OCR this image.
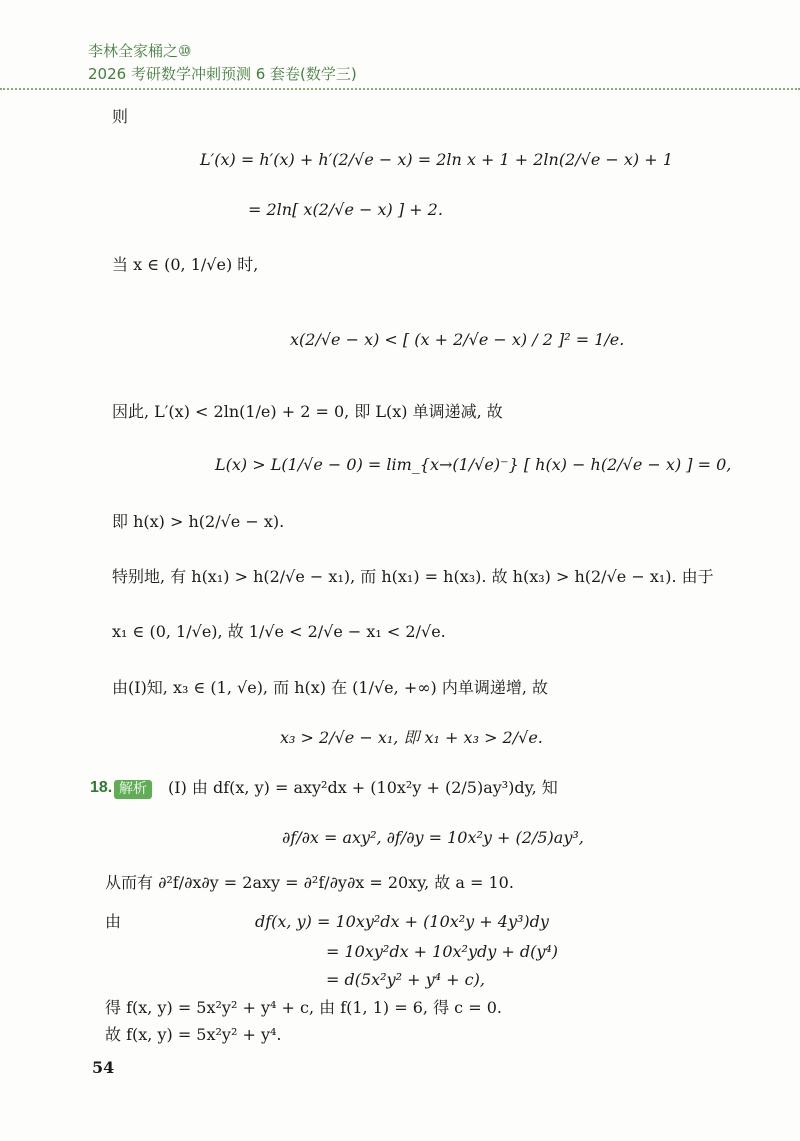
李林全家桶之⑩
2026 考研数学冲刺预测 6 套卷(数学三)
则
L′(x) = h′(x) + h′(2/√e − x) = 2ln x + 1 + 2ln(2/√e − x) + 1
= 2ln[ x(2/√e − x) ] + 2.
当 x ∈ (0, 1/√e) 时,
x(2/√e − x) < [ (x + 2/√e − x) / 2 ]² = 1/e.
因此, L′(x) < 2ln(1/e) + 2 = 0, 即 L(x) 单调递减, 故
L(x) > L(1/√e − 0) = lim_{x→(1/√e)⁻} [ h(x) − h(2/√e − x) ] = 0,
即 h(x) > h(2/√e − x).
特别地, 有 h(x₁) > h(2/√e − x₁), 而 h(x₁) = h(x₃). 故 h(x₃) > h(2/√e − x₁). 由于
x₁ ∈ (0, 1/√e), 故 1/√e < 2/√e − x₁ < 2/√e.
由(Ⅰ)知, x₃ ∈ (1, √e), 而 h(x) 在 (1/√e, +∞) 内单调递增, 故
x₃ > 2/√e − x₁, 即 x₁ + x₃ > 2/√e.
18. 解析	(Ⅰ) 由 df(x, y) = axy²dx + (10x²y + (2/5)ay³)dy, 知
∂f/∂x = axy², ∂f/∂y = 10x²y + (2/5)ay³,
从而有 ∂²f/∂x∂y = 2axy = ∂²f/∂y∂x = 20xy, 故 a = 10.
由	df(x, y) = 10xy²dx + (10x²y + 4y³)dy
= 10xy²dx + 10x²ydy + d(y⁴)
= d(5x²y² + y⁴ + c),
得 f(x, y) = 5x²y² + y⁴ + c, 由 f(1, 1) = 6, 得 c = 0.
故 f(x, y) = 5x²y² + y⁴.
54
